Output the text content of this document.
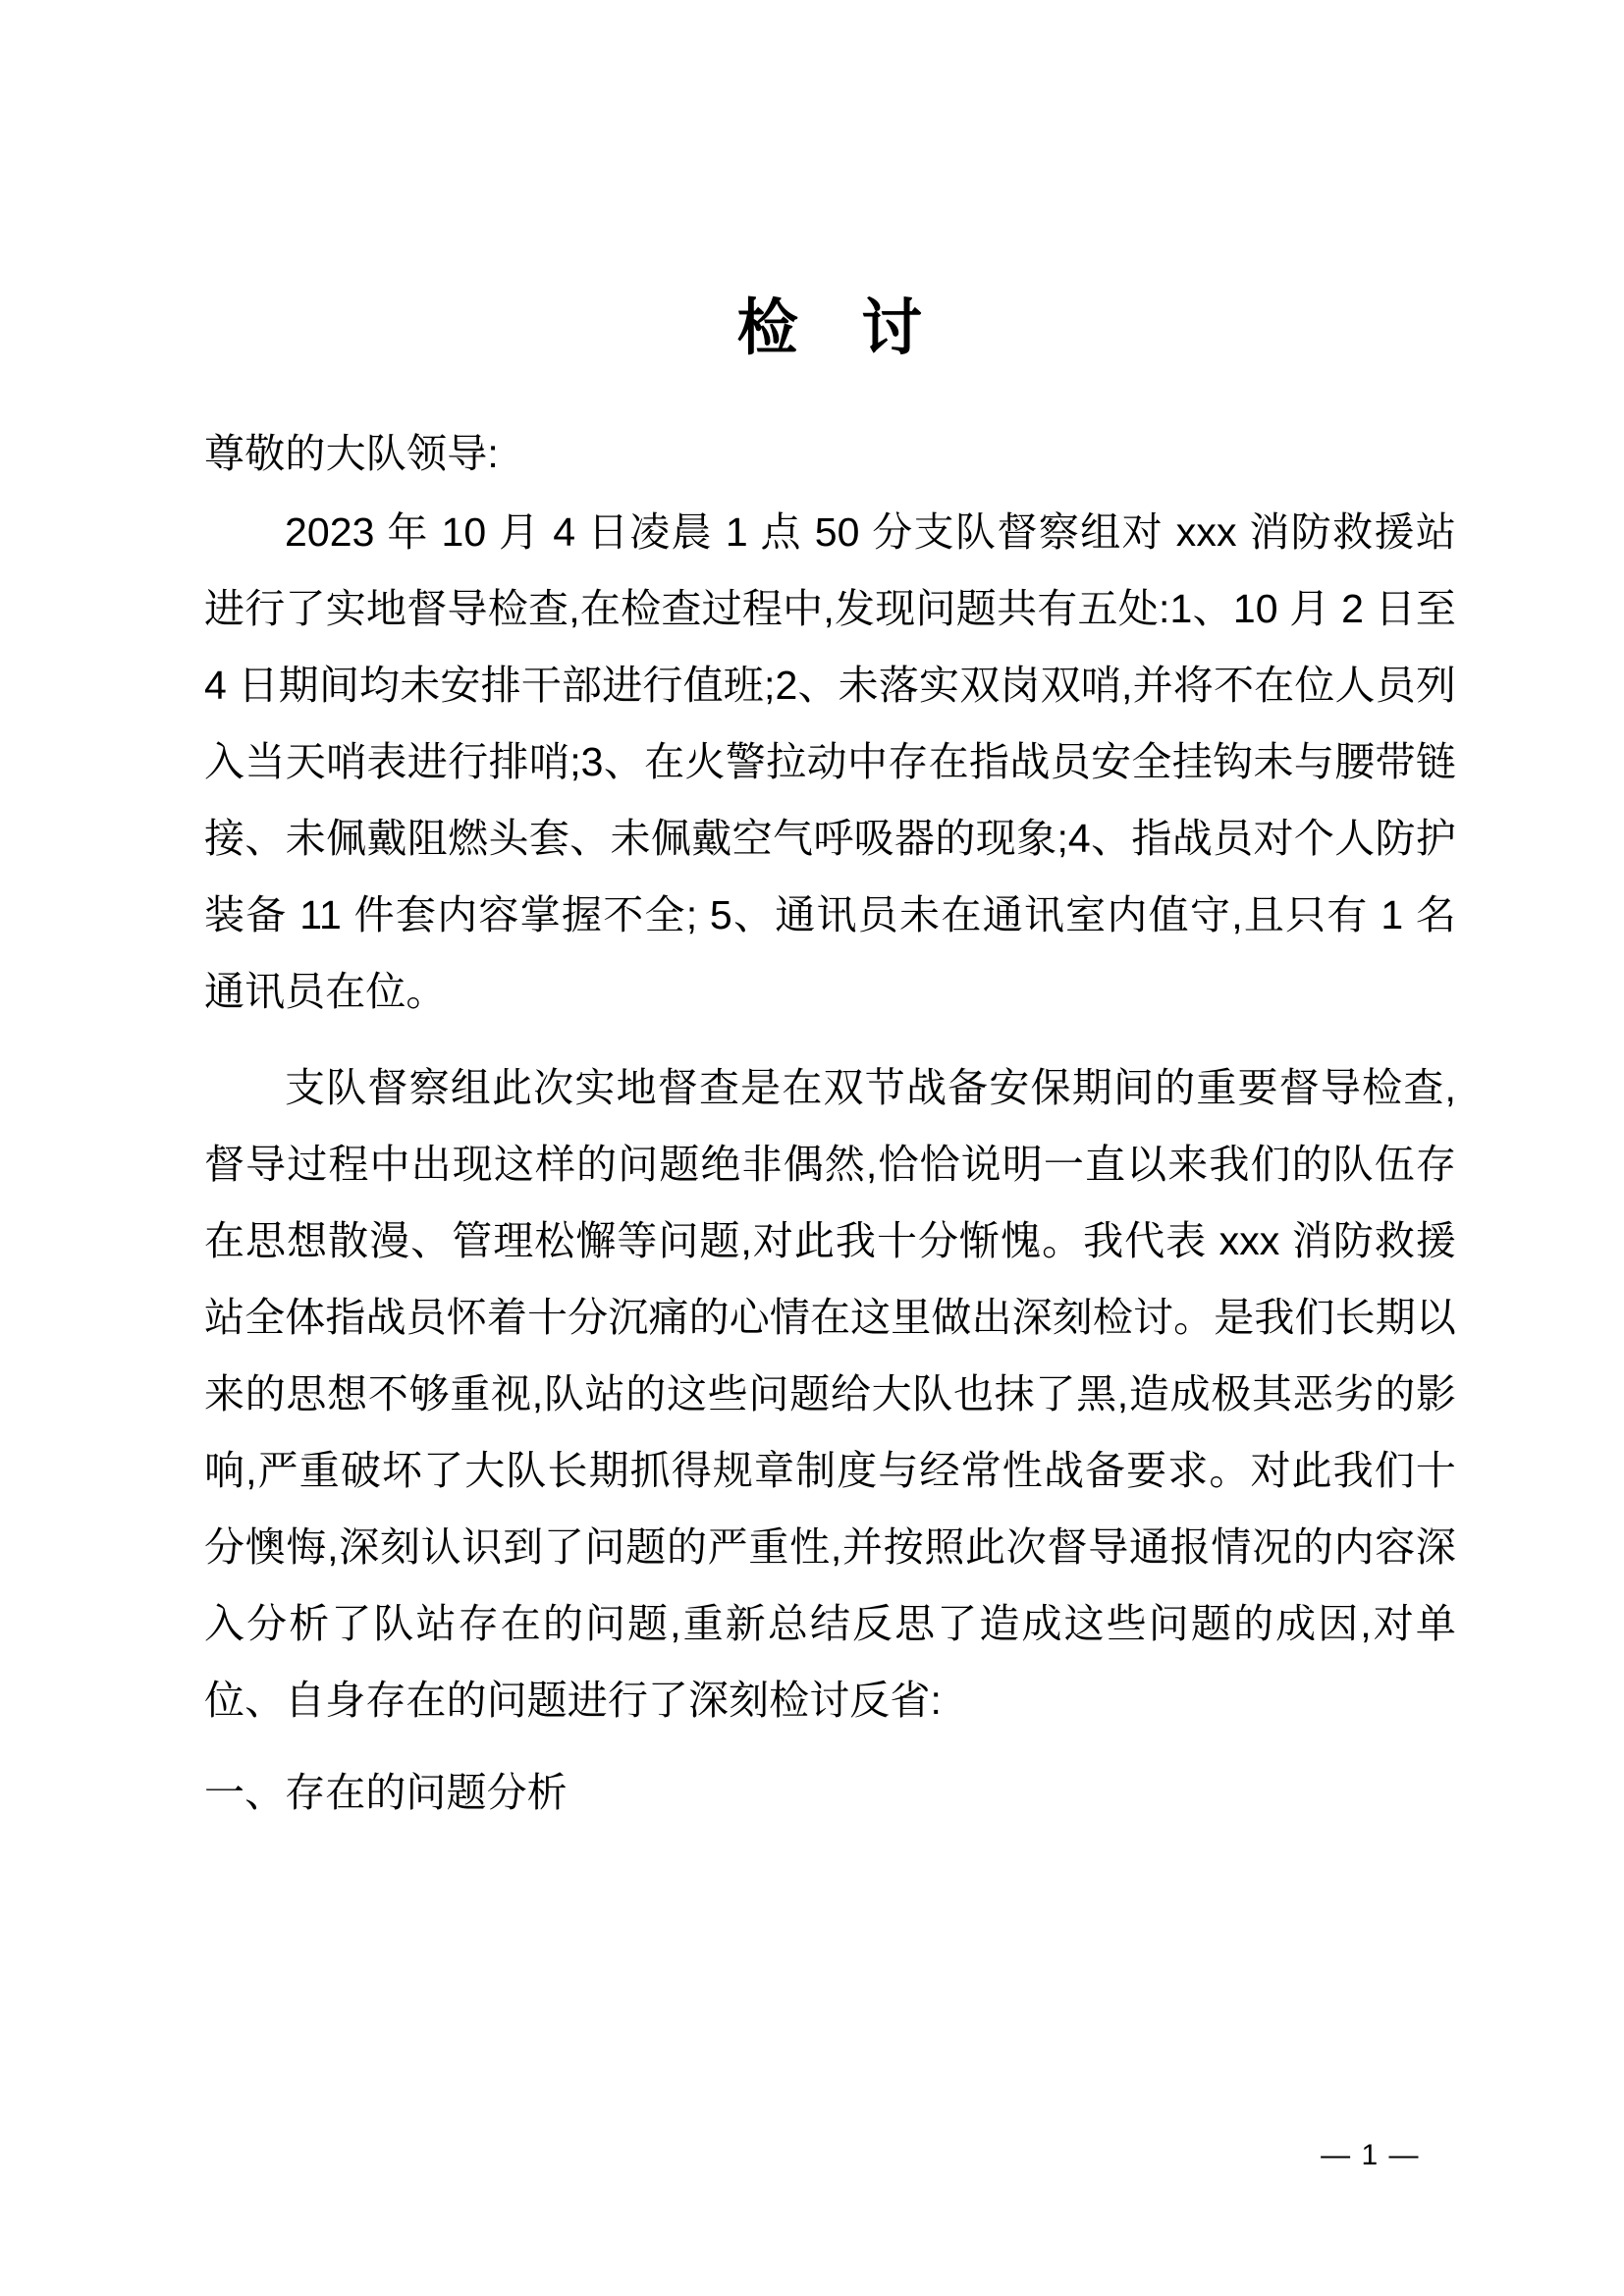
检　讨

尊敬的大队领导:

2023 年 10 月 4 日凌晨 1 点 50 分支队督察组对 xxx 消防救援站进行了实地督导检查,在检查过程中,发现问题共有五处:1、10 月 2 日至 4 日期间均未安排干部进行值班;2、未落实双岗双哨,并将不在位人员列入当天哨表进行排哨;3、在火警拉动中存在指战员安全挂钩未与腰带链接、未佩戴阻燃头套、未佩戴空气呼吸器的现象;4、指战员对个人防护装备 11 件套内容掌握不全; 5、通讯员未在通讯室内值守,且只有 1 名通讯员在位。

支队督察组此次实地督查是在双节战备安保期间的重要督导检查,督导过程中出现这样的问题绝非偶然,恰恰说明一直以来我们的队伍存在思想散漫、管理松懈等问题,对此我十分惭愧。我代表 xxx 消防救援站全体指战员怀着十分沉痛的心情在这里做出深刻检讨。是我们长期以来的思想不够重视,队站的这些问题给大队也抹了黑,造成极其恶劣的影响,严重破坏了大队长期抓得规章制度与经常性战备要求。对此我们十分懊悔,深刻认识到了问题的严重性,并按照此次督导通报情况的内容深入分析了队站存在的问题,重新总结反思了造成这些问题的成因,对单位、自身存在的问题进行了深刻检讨反省:

一、存在的问题分析

— 1 —
